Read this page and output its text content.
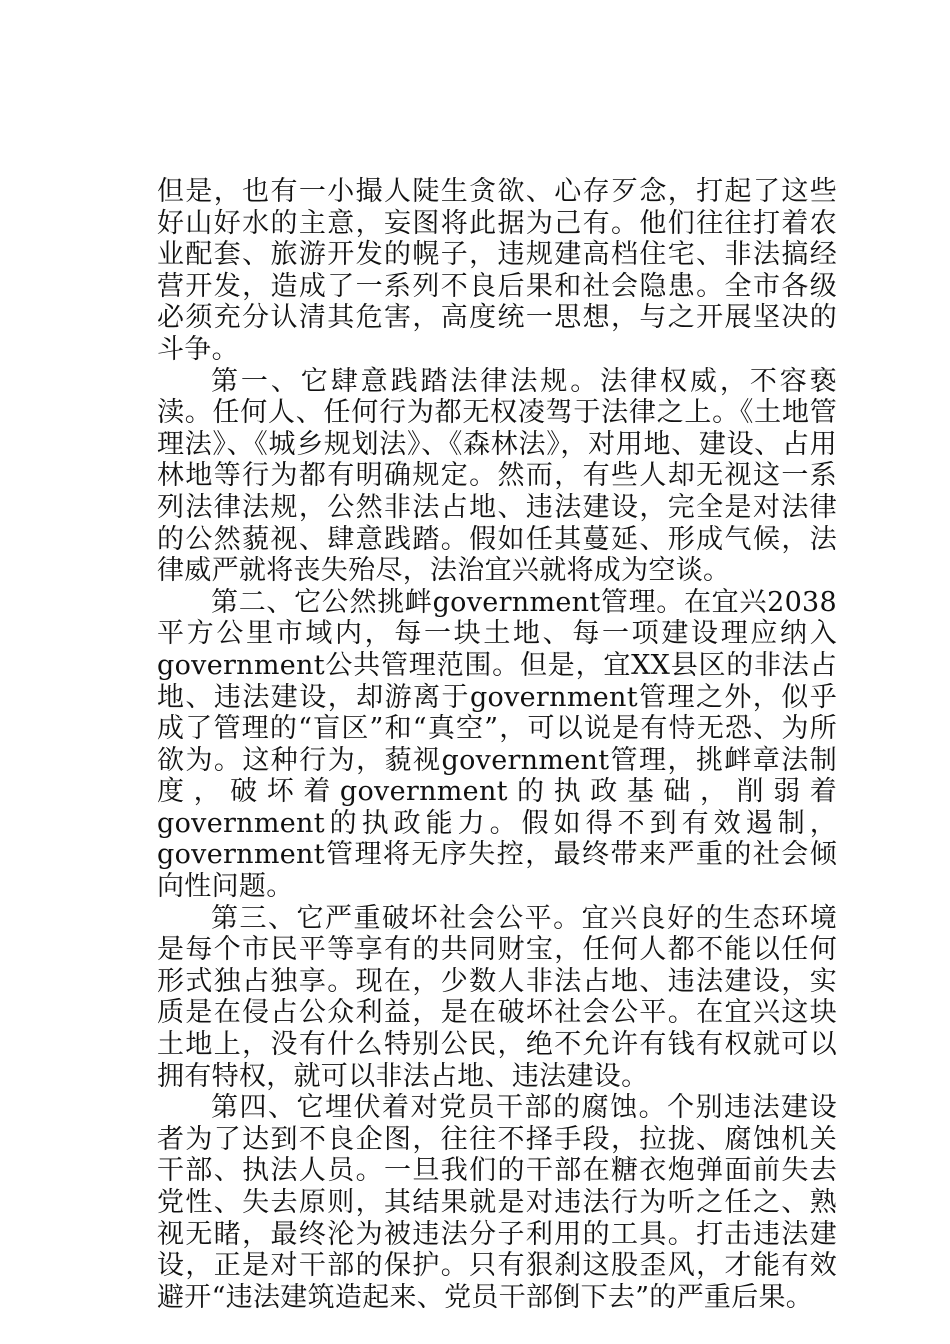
但是，也有一小撮人陡生贪欲、心存歹念，打起了这些好山好水的主意，妄图将此据为己有。他们往往打着农业配套、旅游开发的幌子，违规建高档住宅、非法搞经营开发，造成了一系列不良后果和社会隐患。全市各级必须充分认清其危害，高度统一思想，与之开展坚决的斗争。

第一、它肆意践踏法律法规。法律权威，不容亵渎。任何人、任何行为都无权凌驾于法律之上。《土地管理法》、《城乡规划法》、《森林法》，对用地、建设、占用林地等行为都有明确规定。然而，有些人却无视这一系列法律法规，公然非法占地、违法建设，完全是对法律的公然藐视、肆意践踏。假如任其蔓延、形成气候，法律威严就将丧失殆尽，法治宜兴就将成为空谈。

第二、它公然挑衅government管理。在宜兴2038平方公里市域内，每一块土地、每一项建设理应纳入government公共管理范围。但是，宜XX县区的非法占地、违法建设，却游离于government管理之外，似乎成了管理的“盲区”和“真空”，可以说是有恃无恐、为所欲为。这种行为，藐视government管理，挑衅章法制度，破坏着government的执政基础，削弱着government的执政能力。假如得不到有效遏制，government管理将无序失控，最终带来严重的社会倾向性问题。

第三、它严重破坏社会公平。宜兴良好的生态环境是每个市民平等享有的共同财宝，任何人都不能以任何形式独占独享。现在，少数人非法占地、违法建设，实质是在侵占公众利益，是在破坏社会公平。在宜兴这块土地上，没有什么特别公民，绝不允许有钱有权就可以拥有特权，就可以非法占地、违法建设。

第四、它埋伏着对党员干部的腐蚀。个别违法建设者为了达到不良企图，往往不择手段，拉拢、腐蚀机关干部、执法人员。一旦我们的干部在糖衣炮弹面前失去党性、失去原则，其结果就是对违法行为听之任之、熟视无睹，最终沦为被违法分子利用的工具。打击违法建设，正是对干部的保护。只有狠刹这股歪风，才能有效避开“违法建筑造起来、党员干部倒下去”的严重后果。
